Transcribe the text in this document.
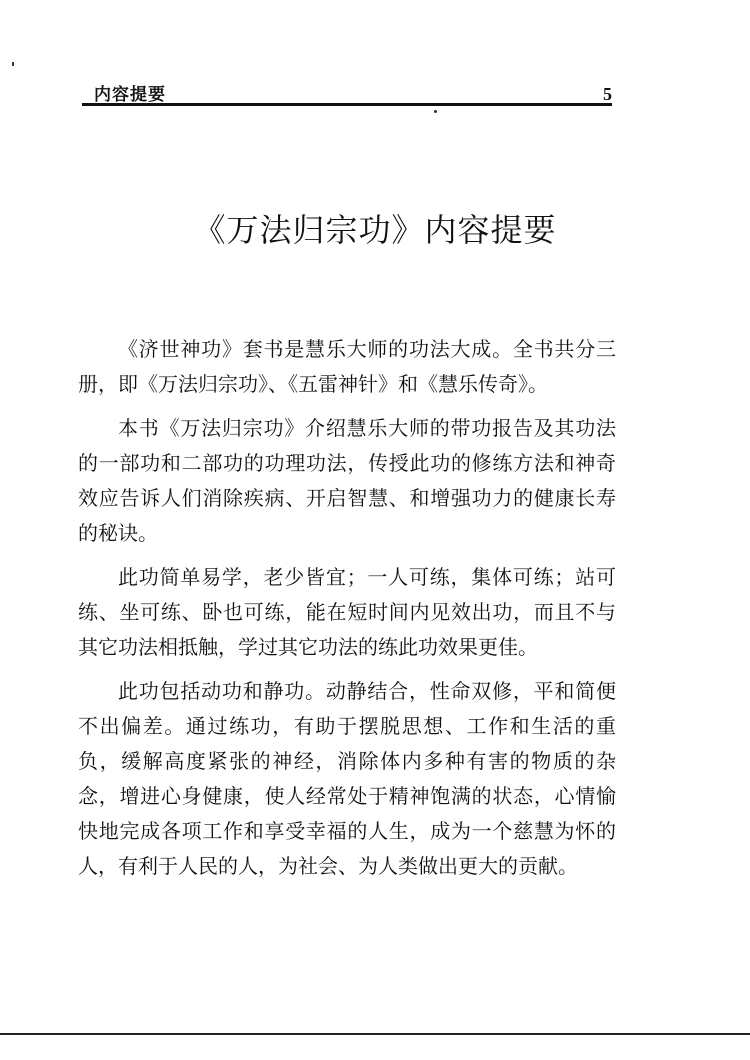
内容提要	5
《万法归宗功》内容提要

《济世神功》套书是慧乐大师的功法大成。全书共分三册，即《万法归宗功》、《五雷神针》和《慧乐传奇》。

本书《万法归宗功》介绍慧乐大师的带功报告及其功法的一部功和二部功的功理功法，传授此功的修练方法和神奇效应告诉人们消除疾病、开启智慧、和增强功力的健康长寿的秘诀。

此功简单易学，老少皆宜；一人可练，集体可练；站可练、坐可练、卧也可练，能在短时间内见效出功，而且不与其它功法相抵触，学过其它功法的练此功效果更佳。

此功包括动功和静功。动静结合，性命双修，平和简便不出偏差。通过练功，有助于摆脱思想、工作和生活的重负，缓解高度紧张的神经，消除体内多种有害的物质的杂念，增进心身健康，使人经常处于精神饱满的状态，心情愉快地完成各项工作和享受幸福的人生，成为一个慈慧为怀的人，有利于人民的人，为社会、为人类做出更大的贡献。
